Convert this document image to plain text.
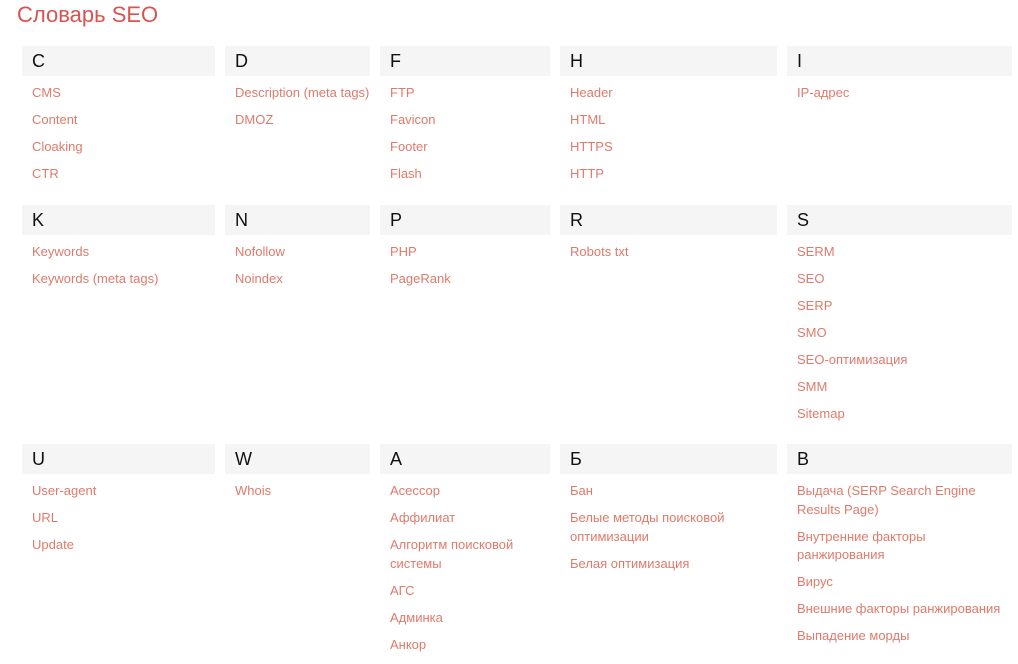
Словарь SEO
C
CMS
Content
Cloaking
CTR
D
Description (meta tags)
DMOZ
F
FTP
Favicon
Footer
Flash
H
Header
HTML
HTTPS
HTTP
I
IP-адрес
K
Keywords
Keywords (meta tags)
N
Nofollow
Noindex
P
PHP
PageRank
R
Robots txt
S
SERM
SEO
SERP
SMO
SEO-оптимизация
SMM
Sitemap
U
User-agent
URL
Update
W
Whois
А
Асессор
Аффилиат
Алгоритм поисковой системы
АГС
Админка
Анкор
Б
Бан
Белые методы поисковой оптимизации
Белая оптимизация
В
Выдача (SERP Search Engine Results Page)
Внутренние факторы ранжирования
Вирус
Внешние факторы ранжирования
Выпадение морды
